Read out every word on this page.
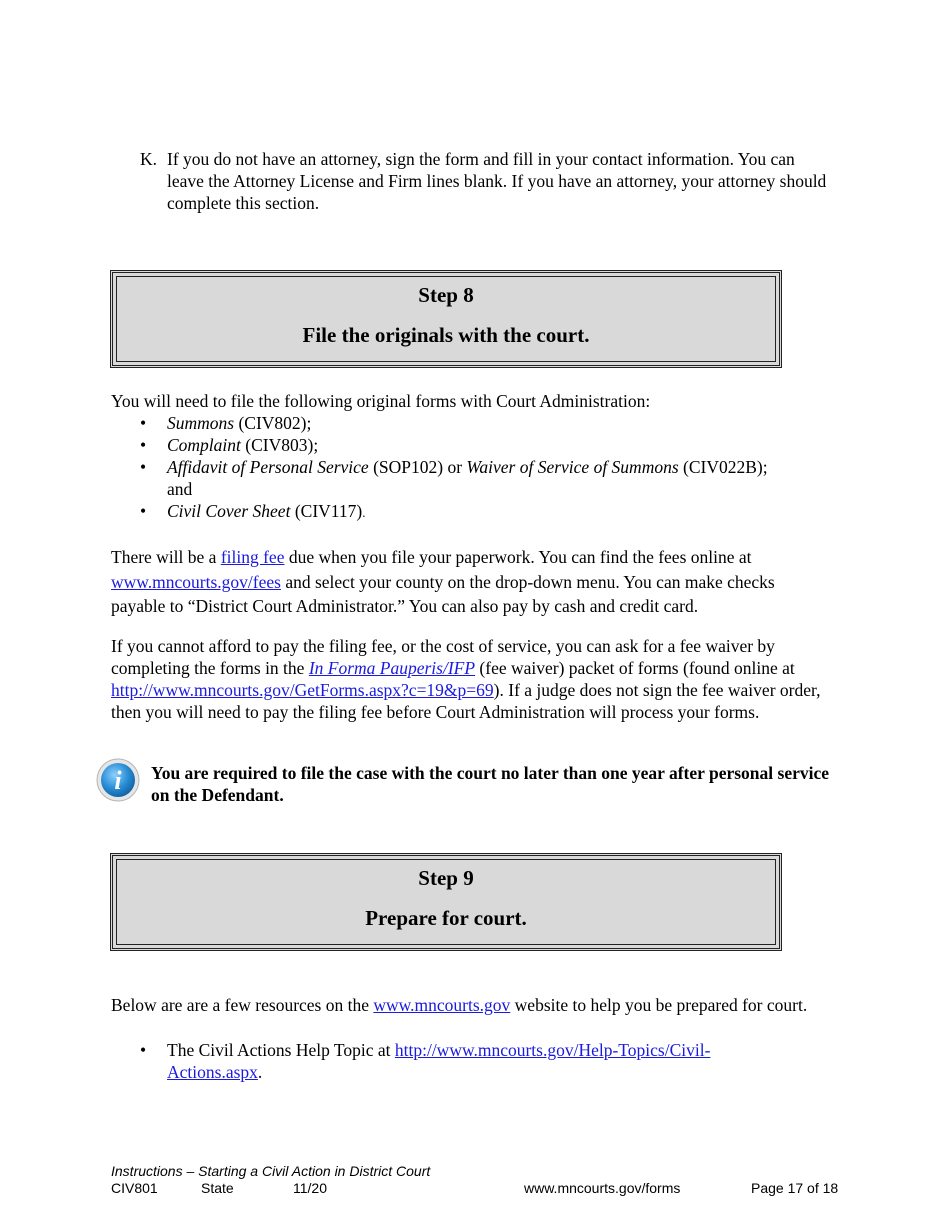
K. If you do not have an attorney, sign the form and fill in your contact information. You can leave the Attorney License and Firm lines blank. If you have an attorney, your attorney should complete this section.
Step 8
File the originals with the court.
You will need to file the following original forms with Court Administration:
• Summons (CIV802);
• Complaint (CIV803);
• Affidavit of Personal Service (SOP102) or Waiver of Service of Summons (CIV022B);
and
• Civil Cover Sheet (CIV117).
There will be a filing fee due when you file your paperwork. You can find the fees online at www.mncourts.gov/fees and select your county on the drop-down menu. You can make checks payable to “District Court Administrator.” You can also pay by cash and credit card.
If you cannot afford to pay the filing fee, or the cost of service, you can ask for a fee waiver by completing the forms in the In Forma Pauperis/IFP (fee waiver) packet of forms (found online at http://www.mncourts.gov/GetForms.aspx?c=19&p=69). If a judge does not sign the fee waiver order, then you will need to pay the filing fee before Court Administration will process your forms.
i You are required to file the case with the court no later than one year after personal service on the Defendant.
Step 9
Prepare for court.
Below are are a few resources on the www.mncourts.gov website to help you be prepared for court.
• The Civil Actions Help Topic at http://www.mncourts.gov/Help-Topics/Civil-Actions.aspx.
Instructions – Starting a Civil Action in District Court
CIV801	State	11/20	www.mncourts.gov/forms	Page 17 of 18
